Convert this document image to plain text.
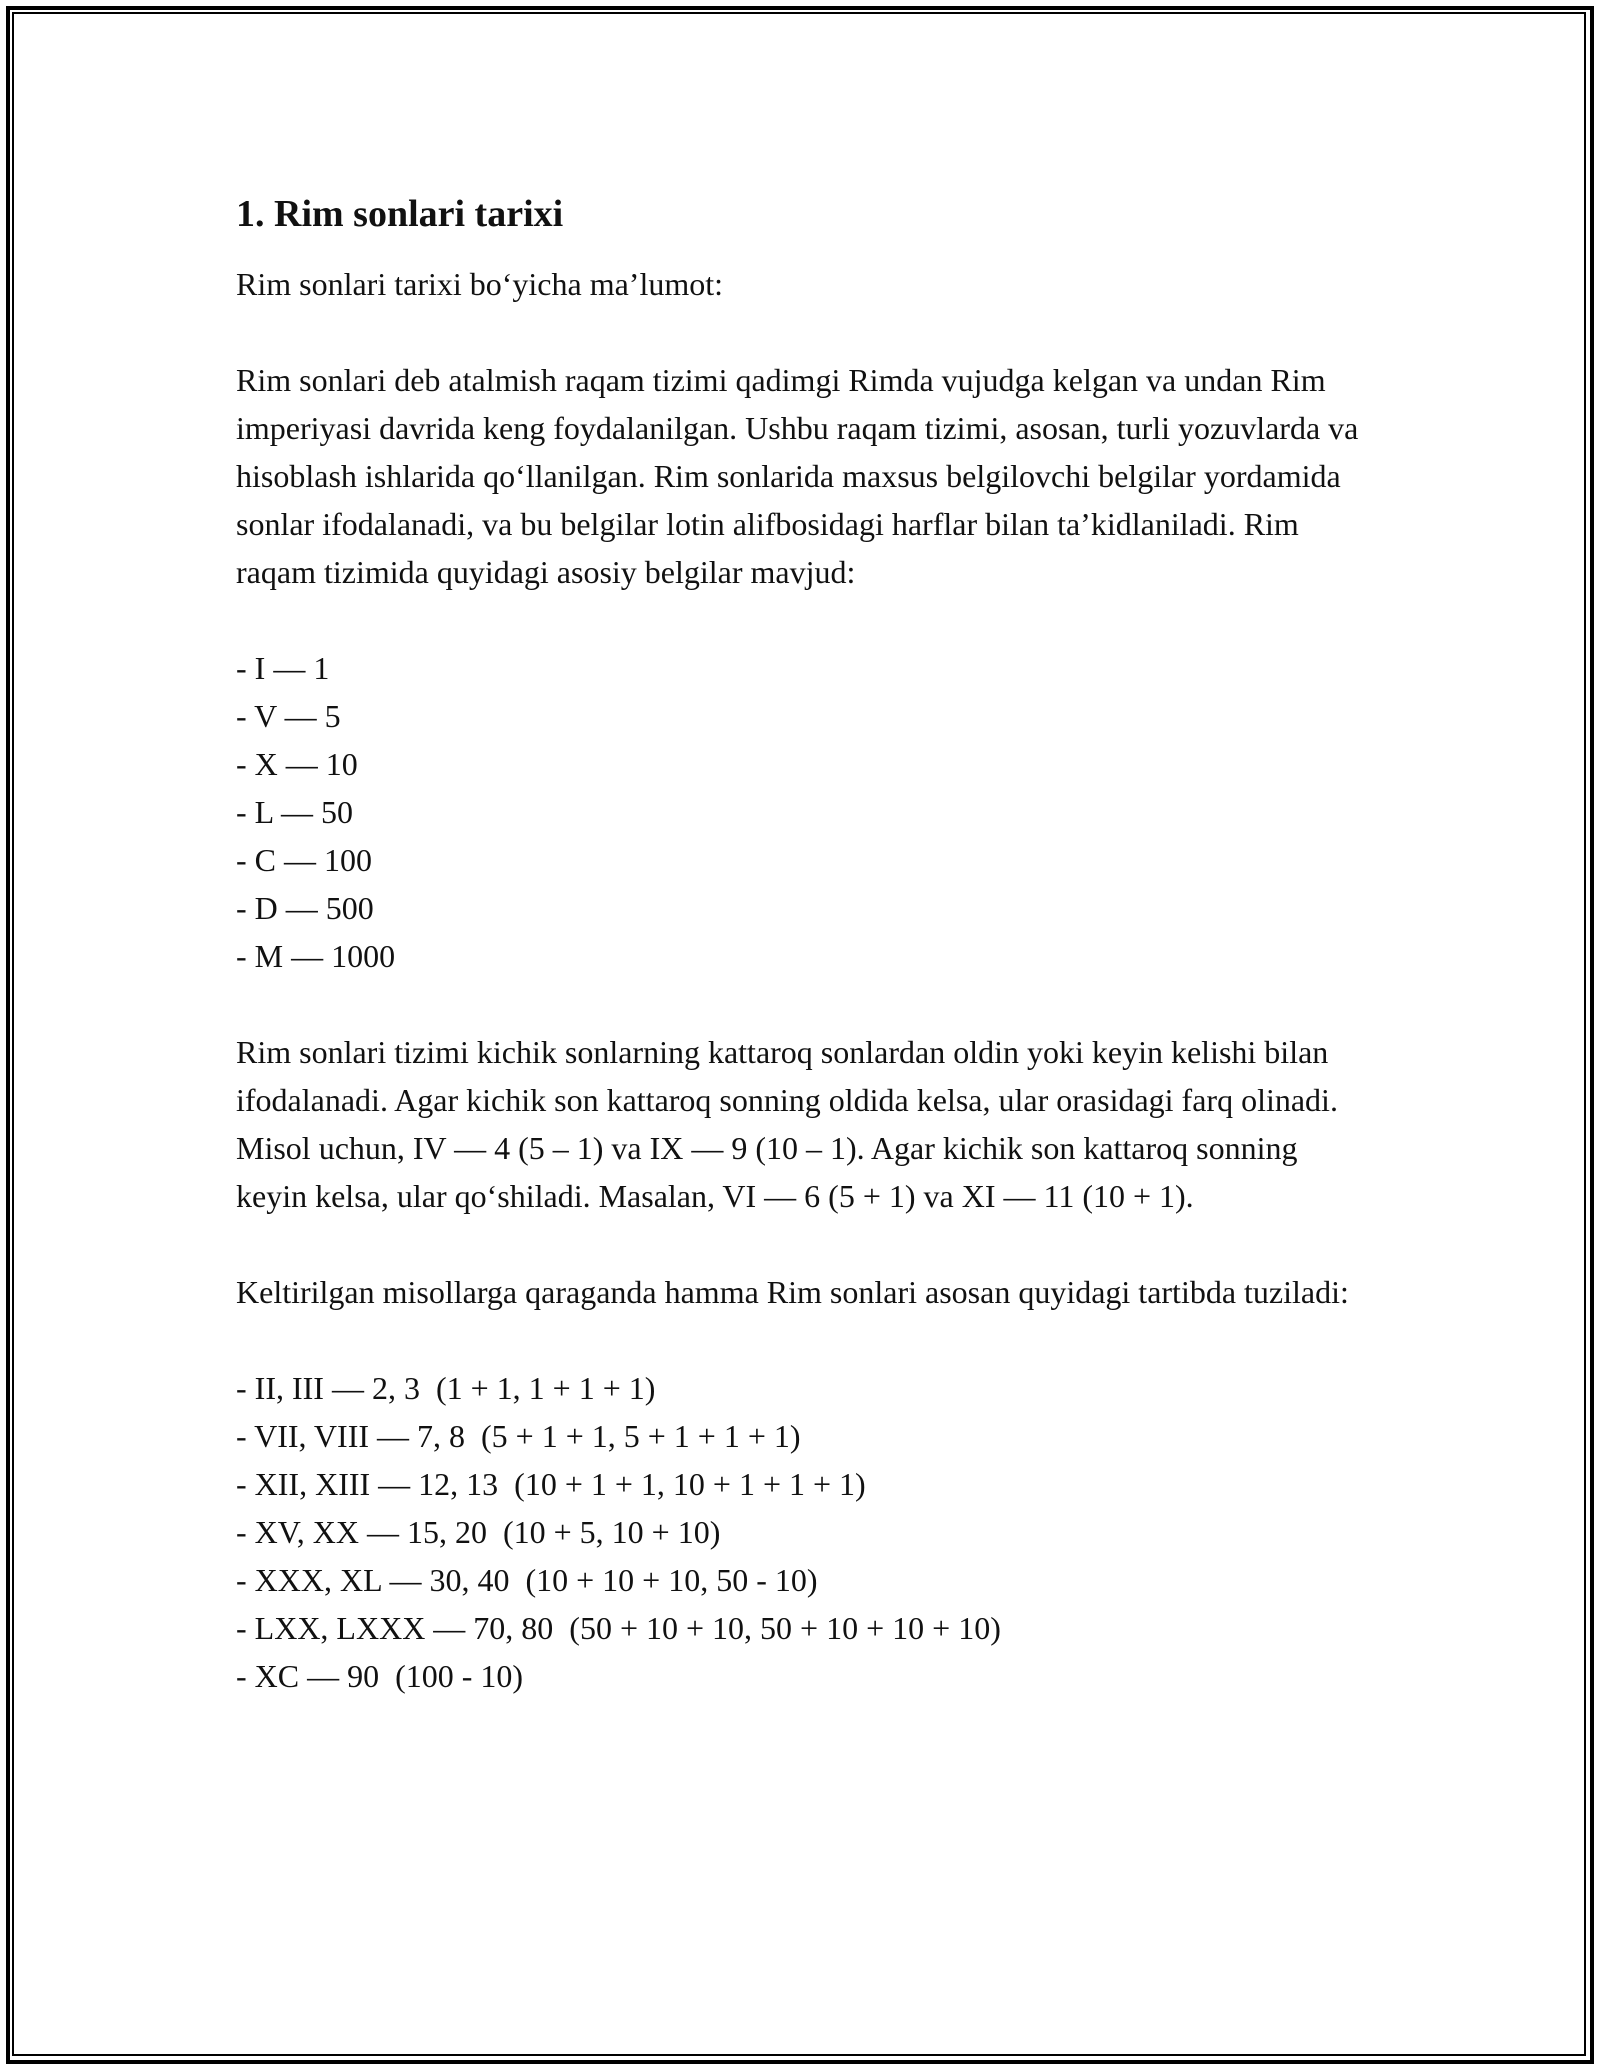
1. Rim sonlari tarixi

Rim sonlari tarixi bo‘yicha ma’lumot:

Rim sonlari deb atalmish raqam tizimi qadimgi Rimda vujudga kelgan va undan Rim imperiyasi davrida keng foydalanilgan. Ushbu raqam tizimi, asosan, turli yozuvlarda va hisoblash ishlarida qo‘llanilgan. Rim sonlarida maxsus belgilovchi belgilar yordamida sonlar ifodalanadi, va bu belgilar lotin alifbosidagi harflar bilan ta’kidlaniladi. Rim raqam tizimida quyidagi asosiy belgilar mavjud:

- I — 1
- V — 5
- X — 10
- L — 50
- C — 100
- D — 500
- M — 1000

Rim sonlari tizimi kichik sonlarning kattaroq sonlardan oldin yoki keyin kelishi bilan ifodalanadi. Agar kichik son kattaroq sonning oldida kelsa, ular orasidagi farq olinadi. Misol uchun, IV — 4 (5 – 1) va IX — 9 (10 – 1). Agar kichik son kattaroq sonning keyin kelsa, ular qo‘shiladi. Masalan, VI — 6 (5 + 1) va XI — 11 (10 + 1).

Keltirilgan misollarga qaraganda hamma Rim sonlari asosan quyidagi tartibda tuziladi:

- II, III — 2, 3  (1 + 1, 1 + 1 + 1)
- VII, VIII — 7, 8  (5 + 1 + 1, 5 + 1 + 1 + 1)
- XII, XIII — 12, 13  (10 + 1 + 1, 10 + 1 + 1 + 1)
- XV, XX — 15, 20  (10 + 5, 10 + 10)
- XXX, XL — 30, 40  (10 + 10 + 10, 50 - 10)
- LXX, LXXX — 70, 80  (50 + 10 + 10, 50 + 10 + 10 + 10)
- XC — 90  (100 - 10)
